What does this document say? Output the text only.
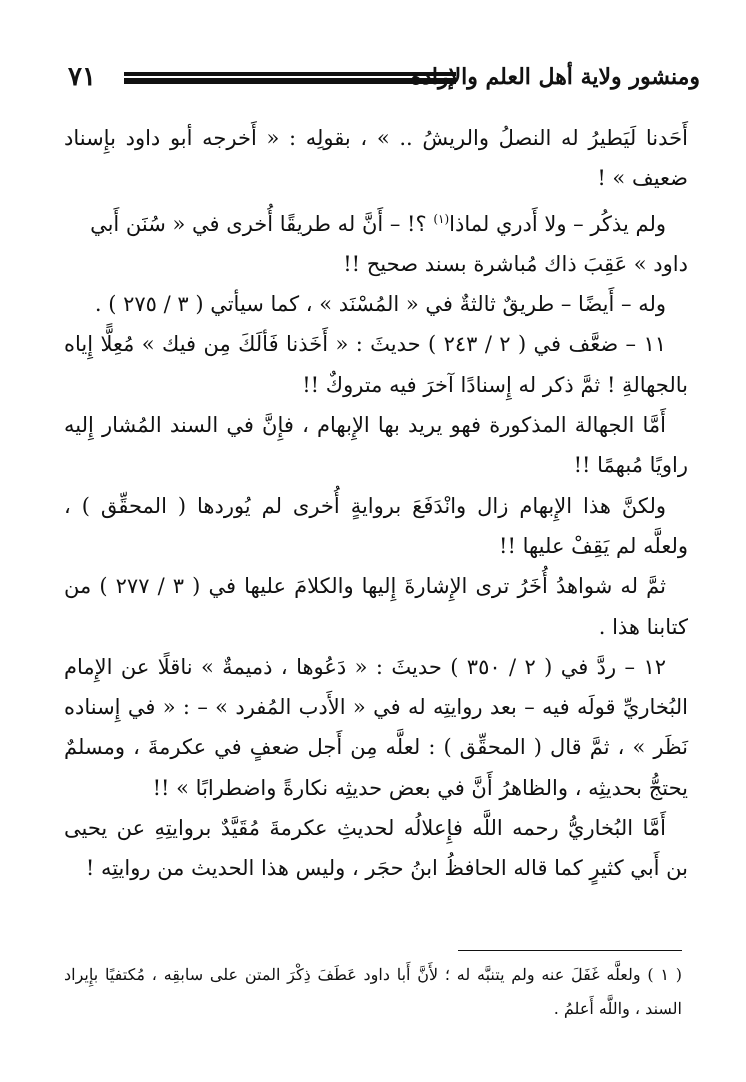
٧١	ومنشور ولاية أهل العلم والإرادة

أَحَدنا لَيَطيرُ له النصلُ والريشُ .. » ، بقولِه : « أَخرجه أبو داود بإِسناد ضعيف » !

ولم يذكُر – ولا أَدري لماذا$^{(١)}$ ؟! – أَنَّ له طريقًا أُخرى في « سُنَن أَبي

داود » عَقِبَ ذاك مُباشرة بسند صحيح !!

وله – أَيضًا – طريقٌ ثالثةٌ في « المُسْنَد » ، كما سيأتي ( ٣ / ٢٧٥ ) .

١١ – ضعَّف في ( ٢ / ٢٤٣ ) حديثَ : « أَخَذنا فَألَكَ مِن فيك » مُعِلًّا إِياه بالجهالةِ ! ثمَّ ذكر له إِسنادًا آخرَ فيه متروكٌ !!

أَمَّا الجهالة المذكورة فهو يريد بها الإِبهام ، فإِنَّ في السند المُشار إِليه راويًا مُبهمًا !!

ولكنَّ هذا الإِبهام زال وانْدَفَعَ بروايةٍ أُخرى لم يُوردها ( المحقِّق ) ، ولعلَّه لم يَقِفْ عليها !!

ثمَّ له شواهدُ أُخَرُ ترى الإِشارةَ إِليها والكلامَ عليها في ( ٣ / ٢٧٧ ) من كتابنا هذا .

١٢ – ردَّ في ( ٢ / ٣٥٠ ) حديثَ : « دَعُوها ، ذميمةٌ » ناقلًا عن الإِمام البُخاريِّ قولَه فيه – بعد روايتِه له في « الأَدب المُفرد » – : « في إِسناده نَظَر » ، ثمَّ قال ( المحقِّق ) : لعلَّه مِن أَجل ضعفٍ في عكرمةَ ، ومسلمٌ يحتجُّ بحديثِه ، والظاهرُ أَنَّ في بعض حديثِه نكارةً واضطرابًا » !!

أَمَّا البُخاريُّ رحمه اللَّه فإِعلالُه لحديثِ عكرمةَ مُقَيَّدٌ بروايتِهِ عن يحيى بن أَبي كثيرٍ كما قاله الحافظُ ابنُ حجَر ، وليس هذا الحديث من روايتِه !

( ١ ) ولعلَّه غَفَلَ عنه ولم يتنبَّه له ؛ لأَنَّ أَبا داود عَطَفَ ذِكْرَ المتن على سابقِه ، مُكتفيًا بإِيراد السند ، واللَّه أَعلمُ .
